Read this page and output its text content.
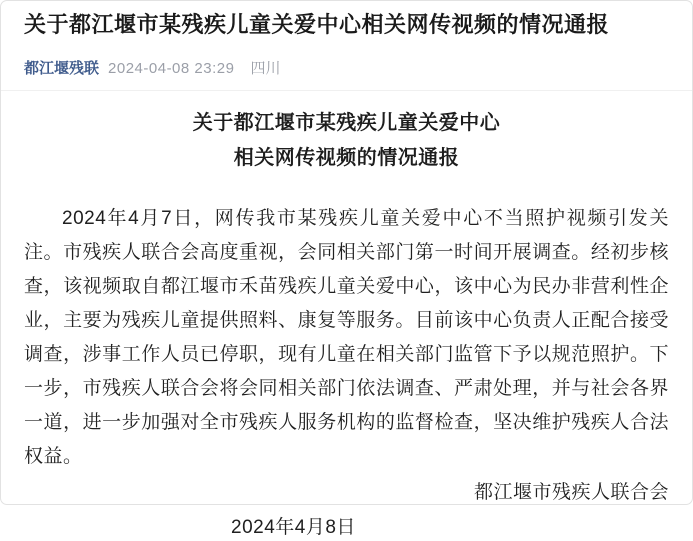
关于都江堰市某残疾儿童关爱中心相关网传视频的情况通报
都江堰残联 2024-04-08 23:29 四川
关于都江堰市某残疾儿童关爱中心
相关网传视频的情况通报

2024年4月7日，网传我市某残疾儿童关爱中心不当照护视频引发关注。市残疾人联合会高度重视，会同相关部门第一时间开展调查。经初步核查，该视频取自都江堰市禾苗残疾儿童关爱中心，该中心为民办非营利性企业，主要为残疾儿童提供照料、康复等服务。目前该中心负责人正配合接受调查，涉事工作人员已停职，现有儿童在相关部门监管下予以规范照护。下一步，市残疾人联合会将会同相关部门依法调查、严肃处理，并与社会各界一道，进一步加强对全市残疾人服务机构的监督检查，坚决维护残疾人合法权益。

都江堰市残疾人联合会
2024年4月8日
